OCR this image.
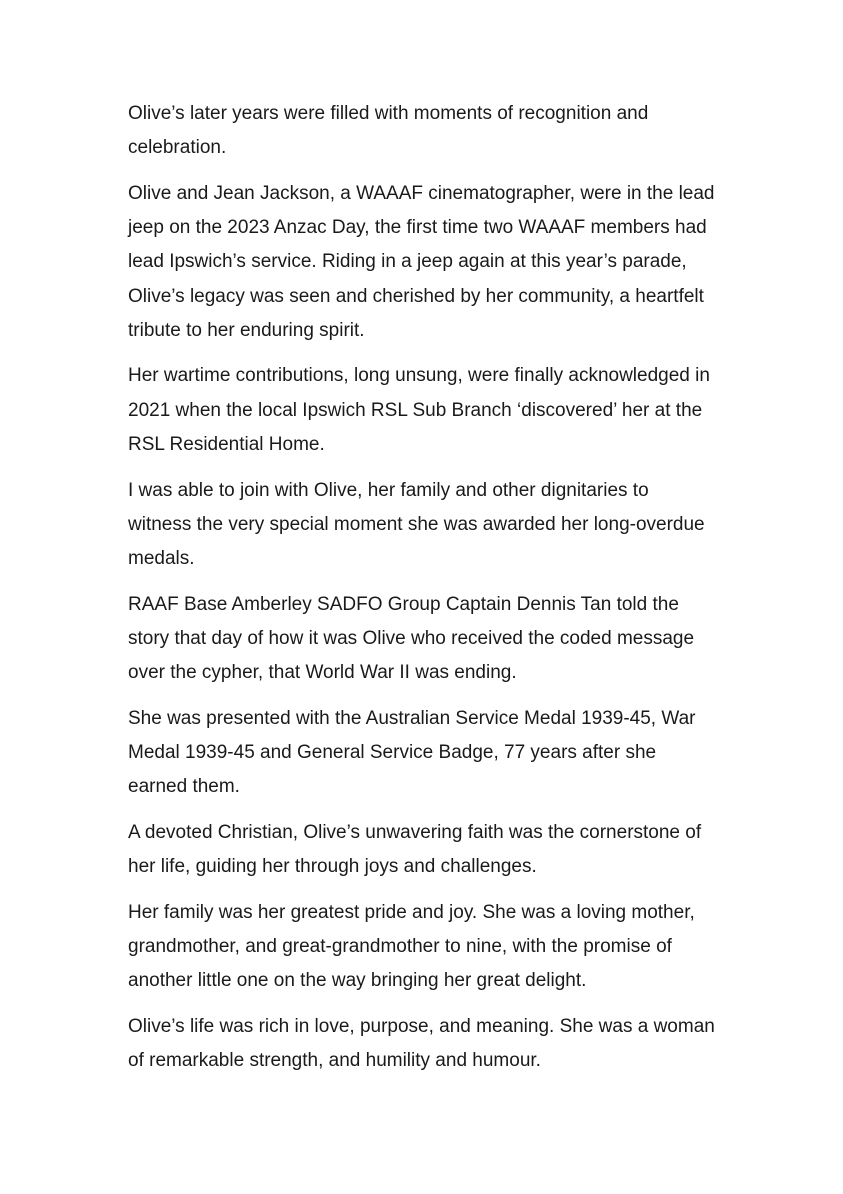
Olive’s later years were filled with moments of recognition and
celebration.

Olive and Jean Jackson, a WAAAF cinematographer, were in the lead
jeep on the 2023 Anzac Day, the first time two WAAAF members had
lead Ipswich’s service. Riding in a jeep again at this year’s parade,
Olive’s legacy was seen and cherished by her community, a heartfelt
tribute to her enduring spirit.

Her wartime contributions, long unsung, were finally acknowledged in
2021 when the local Ipswich RSL Sub Branch ‘discovered’ her at the
RSL Residential Home.

I was able to join with Olive, her family and other dignitaries to
witness the very special moment she was awarded her long-overdue
medals.

RAAF Base Amberley SADFO Group Captain Dennis Tan told the
story that day of how it was Olive who received the coded message
over the cypher, that World War II was ending.

She was presented with the Australian Service Medal 1939-45, War
Medal 1939-45 and General Service Badge, 77 years after she
earned them.

A devoted Christian, Olive’s unwavering faith was the cornerstone of
her life, guiding her through joys and challenges.

Her family was her greatest pride and joy. She was a loving mother,
grandmother, and great-grandmother to nine, with the promise of
another little one on the way bringing her great delight.

Olive’s life was rich in love, purpose, and meaning. She was a woman
of remarkable strength, and humility and humour.
